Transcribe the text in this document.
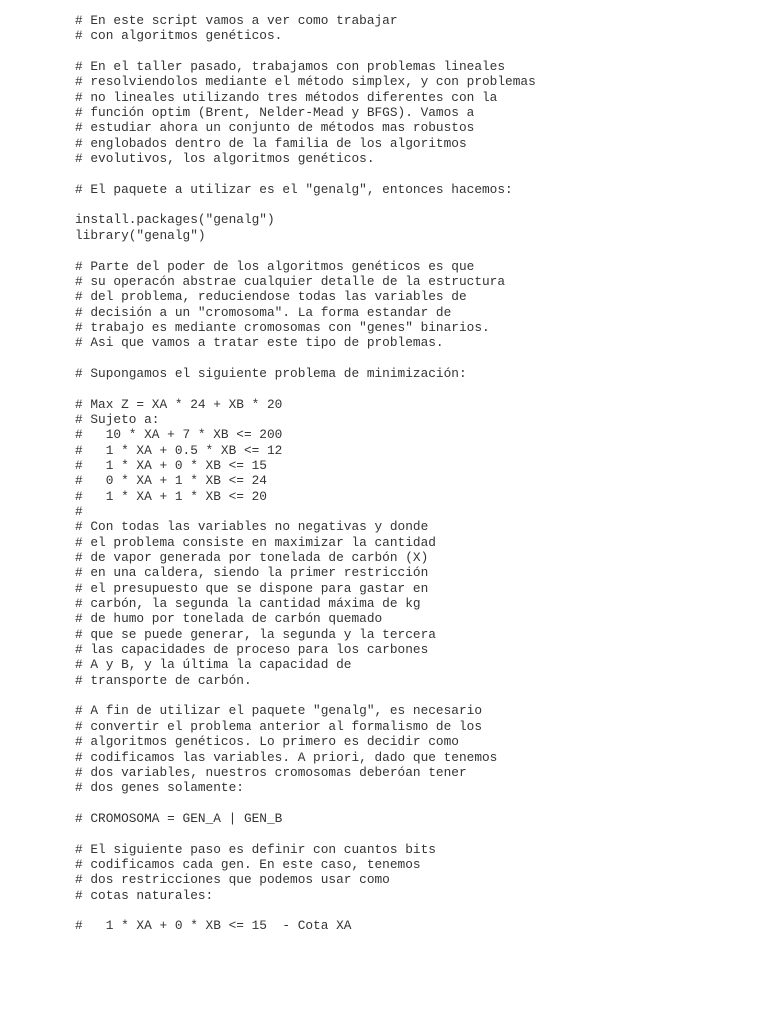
# En este script vamos a ver como trabajar
# con algoritmos genéticos.

# En el taller pasado, trabajamos con problemas lineales
# resolviendolos mediante el método simplex, y con problemas
# no lineales utilizando tres métodos diferentes con la
# función optim (Brent, Nelder-Mead y BFGS). Vamos a
# estudiar ahora un conjunto de métodos mas robustos
# englobados dentro de la familia de los algoritmos
# evolutivos, los algoritmos genéticos.

# El paquete a utilizar es el "genalg", entonces hacemos:

install.packages("genalg")
library("genalg")

# Parte del poder de los algoritmos genéticos es que
# su operacón abstrae cualquier detalle de la estructura
# del problema, reduciendose todas las variables de
# decisión a un "cromosoma". La forma estandar de
# trabajo es mediante cromosomas con "genes" binarios.
# Asi que vamos a tratar este tipo de problemas.

# Supongamos el siguiente problema de minimización:

# Max Z = XA * 24 + XB * 20
# Sujeto a:
#   10 * XA + 7 * XB <= 200
#   1 * XA + 0.5 * XB <= 12
#   1 * XA + 0 * XB <= 15
#   0 * XA + 1 * XB <= 24
#   1 * XA + 1 * XB <= 20
#
# Con todas las variables no negativas y donde
# el problema consiste en maximizar la cantidad
# de vapor generada por tonelada de carbón (X)
# en una caldera, siendo la primer restricción
# el presupuesto que se dispone para gastar en
# carbón, la segunda la cantidad máxima de kg
# de humo por tonelada de carbón quemado
# que se puede generar, la segunda y la tercera
# las capacidades de proceso para los carbones
# A y B, y la última la capacidad de
# transporte de carbón.

# A fin de utilizar el paquete "genalg", es necesario
# convertir el problema anterior al formalismo de los
# algoritmos genéticos. Lo primero es decidir como
# codificamos las variables. A priori, dado que tenemos
# dos variables, nuestros cromosomas deberóan tener
# dos genes solamente:

# CROMOSOMA = GEN_A | GEN_B

# El siguiente paso es definir con cuantos bits
# codificamos cada gen. En este caso, tenemos
# dos restricciones que podemos usar como
# cotas naturales:

#   1 * XA + 0 * XB <= 15  - Cota XA
